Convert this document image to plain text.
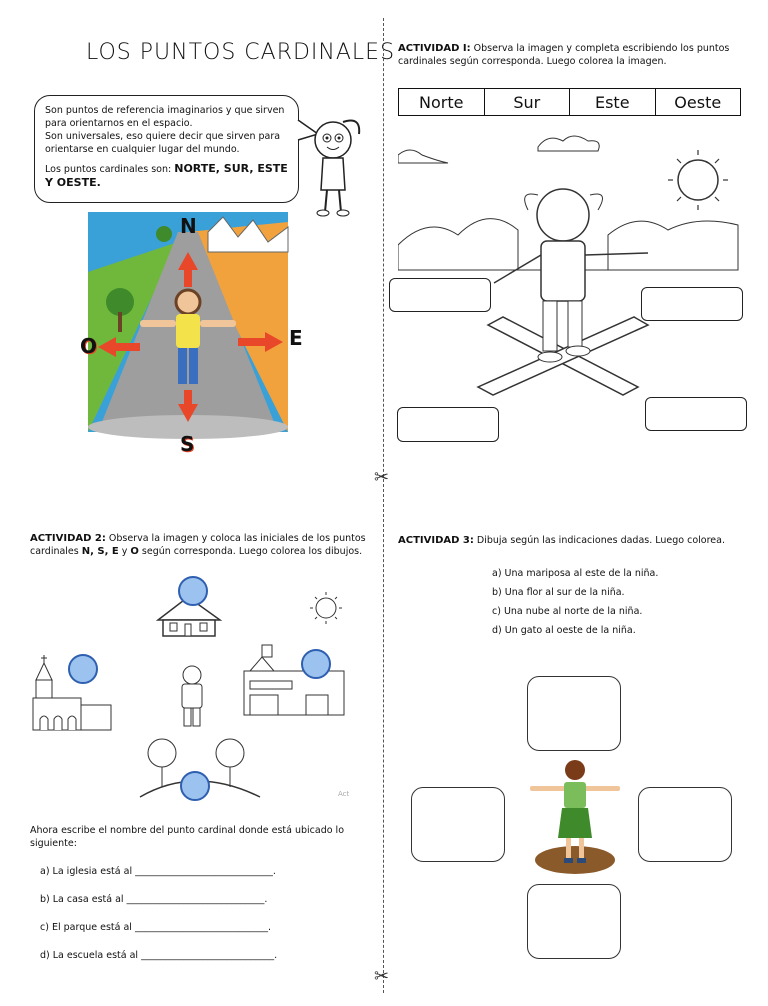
LOS PUNTOS CARDINALES

Son puntos de referencia imaginarios y que sirven para orientarnos en el espacio.

Son universales, eso quiere decir que sirven para orientarse en cualquier lugar del mundo.

Los puntos cardinales son: NORTE, SUR, ESTE Y OESTE.

N
S
E
O
✂
✂
ACTIVIDAD I: Observa la imagen y completa escribiendo los puntos cardinales según corresponda. Luego colorea la imagen.
Norte	Sur	Este	Oeste
ACTIVIDAD 2: Observa la imagen y coloca las iniciales de los puntos cardinales N, S, E y O según corresponda. Luego colorea los dibujos.
Act
Ahora escribe el nombre del punto cardinal donde está ubicado lo siguiente:
a) La iglesia está al _____________________________.
b) La casa está al _____________________________.
c) El parque está al ____________________________.
d) La escuela está al ____________________________.
ACTIVIDAD 3: Dibuja según las indicaciones dadas. Luego colorea.
a) Una mariposa al este de la niña.
b) Una flor al sur de la niña.
c) Una nube al norte de la niña.
d) Un gato al oeste de la niña.
